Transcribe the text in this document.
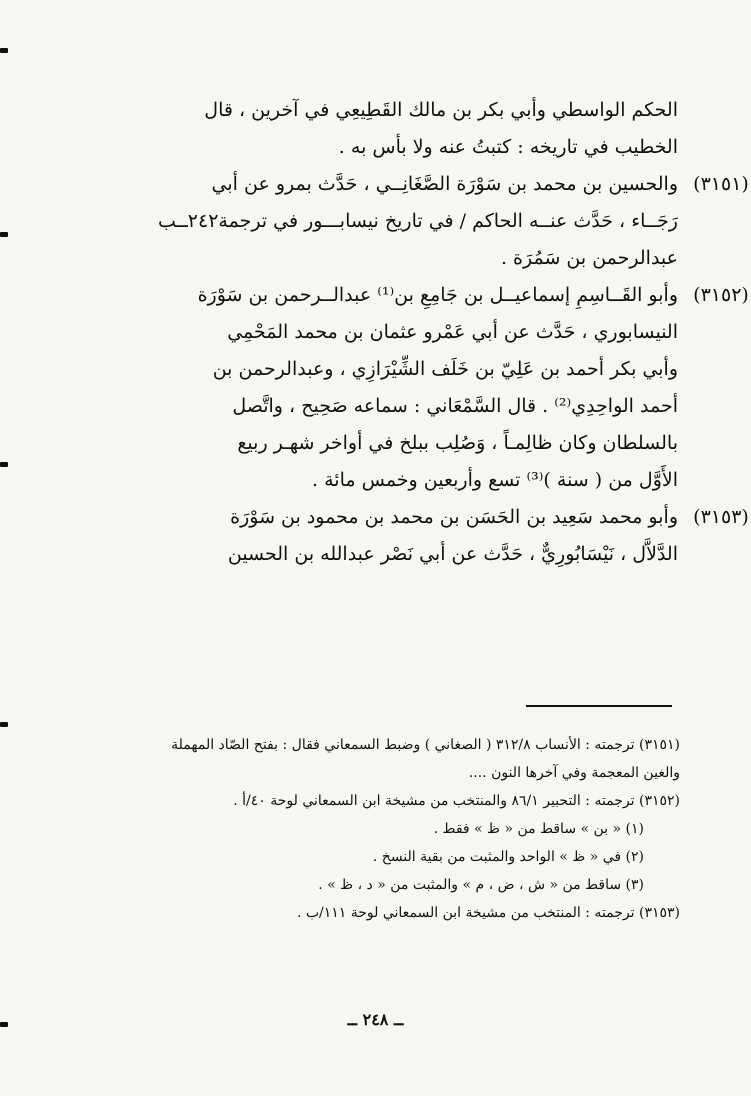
الحكم الواسطي وأبي بكر بن مالك القَطِيعِي في آخرين ، قال
الخطيب في تاريخه : كتبتُ عنه ولا بأس به .
(٣١٥١)
والحسين بن محمد بن سَوْرَة الصَّغَانِــي ، حَدَّث بمرو عن أبي
رَجَــاء ، حَدَّث عنــه الحاكم / في تاريخ نيسابـــور في ترجمة٢٤٢ــب
عبدالرحمن بن سَمُرَة .
(٣١٥٢)
وأبو القَــاسِمِ إسماعيــل بن جَامِعِ بن⁽¹⁾ عبدالــرحمن بن سَوْرَة
النيسابوري ، حَدَّث عن أبي عَمْرو عثمان بن محمد المَحْمِي
وأبي بكر أحمد بن عَلِيّ بن خَلَف الشِّيْرَازِي ، وعبدالرحمن بن
أحمد الواحِدِي⁽²⁾ . قال السَّمْعَاني : سماعه صَحِيح ، واتَّصل
بالسلطان وكان ظالِمـاً ، وَصُلِب ببلخ في أواخر شهـر ربيع
الأَوَّل من ( سنة )⁽³⁾ تسع وأربعين وخمس مائة .
(٣١٥٣)
وأبو محمد سَعِيد بن الحَسَن بن محمد بن محمود بن سَوْرَة
الدَّلاَّل ، نَيْسَابُورِيٌّ ، حَدَّث عن أبي نَصْر عبدالله بن الحسين
(٣١٥١) ترجمته : الأنساب ٣١٢/٨ ( الصغاني ) وضبط السمعاني فقال : بفتح الصّاد المهملة
والغين المعجمة وفي آخرها النون ....
(٣١٥٢) ترجمته : التحبير ٨٦/١ والمنتخب من مشيخة ابن السمعاني لوحة ٤٠/أ .
(١) « بن » ساقط من « ظ » فقط .
(٢) في « ظ » الواحد والمثبت من بقية النسخ .
(٣) ساقط من « ش ، ض ، م » والمثبت من « د ، ظ » .
(٣١٥٣) ترجمته : المنتخب من مشيخة ابن السمعاني لوحة ١١١/ب .
ــ ٢٤٨ ــ
